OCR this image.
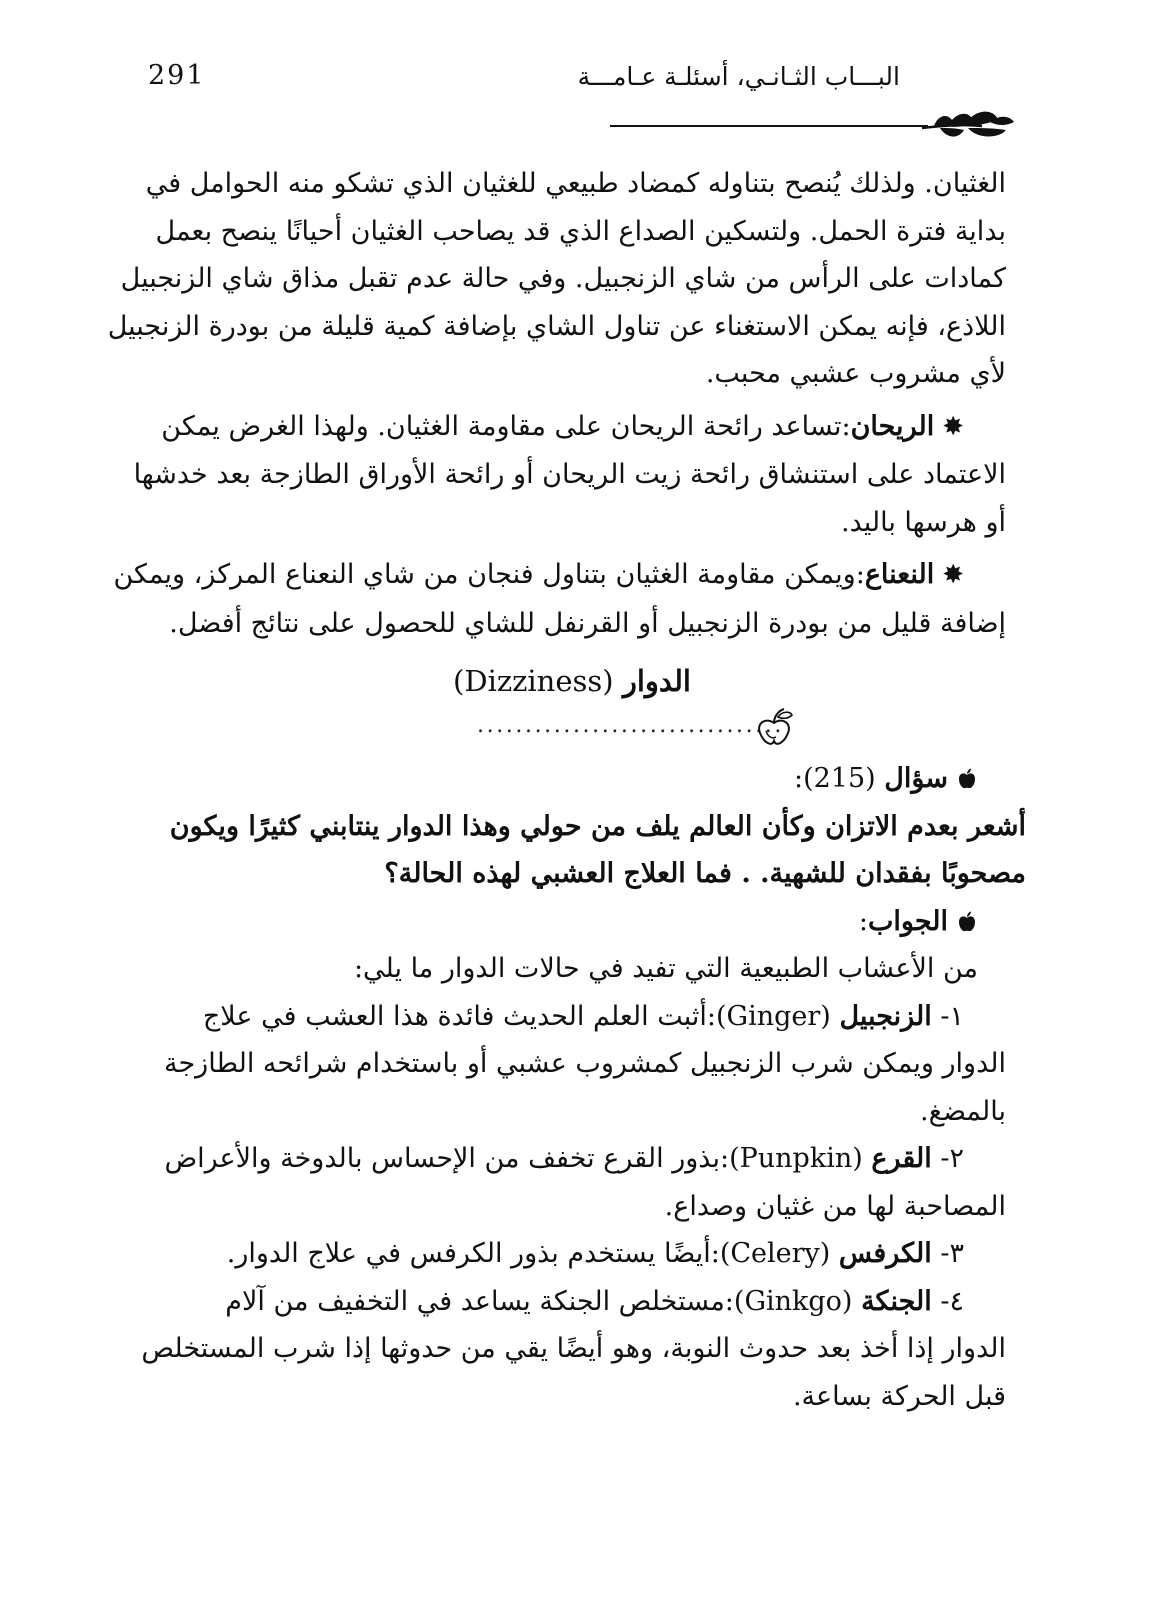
291	البـــاب الثـانـي، أسئلـة عـامـــة

الغثيان. ولذلك يُنصح بتناوله كمضاد طبيعي للغثيان الذي تشكو منه الحوامل في
بداية فترة الحمل. ولتسكين الصداع الذي قد يصاحب الغثيان أحيانًا ينصح بعمل
كمادات على الرأس من شاي الزنجبيل. وفي حالة عدم تقبل مذاق شاي الزنجبيل
اللاذع، فإنه يمكن الاستغناء عن تناول الشاي بإضافة كمية قليلة من بودرة الزنجبيل
لأي مشروب عشبي محبب.

✸الريحان:تساعد رائحة الريحان على مقاومة الغثيان. ولهذا الغرض يمكن

الاعتماد على استنشاق رائحة زيت الريحان أو رائحة الأوراق الطازجة بعد خدشها
أو هرسها باليد.

✸النعناع:ويمكن مقاومة الغثيان بتناول فنجان من شاي النعناع المركز، ويمكن

إضافة قليل من بودرة الزنجبيل أو القرنفل للشاي للحصول على نتائج أفضل.

الدوار (Dizziness)
................................

سؤال (215):

أشعر بعدم الاتزان وكأن العالم يلف من حولي وهذا الدوار ينتابني كثيرًا ويكون
مصحوبًا بفقدان للشهية. . فما العلاج العشبي لهذه الحالة؟

الجواب:

من الأعشاب الطبيعية التي تفيد في حالات الدوار ما يلي:

١- الزنجبيل (Ginger):أثبت العلم الحديث فائدة هذا العشب في علاج

الدوار ويمكن شرب الزنجبيل كمشروب عشبي أو باستخدام شرائحه الطازجة
بالمضغ.

٢- القرع (Punpkin):بذور القرع تخفف من الإحساس بالدوخة والأعراض

المصاحبة لها من غثيان وصداع.

٣- الكرفس (Celery):أيضًا يستخدم بذور الكرفس في علاج الدوار.

٤- الجنكة (Ginkgo):مستخلص الجنكة يساعد في التخفيف من آلام

الدوار إذا أخذ بعد حدوث النوبة، وهو أيضًا يقي من حدوثها إذا شرب المستخلص
قبل الحركة بساعة.
